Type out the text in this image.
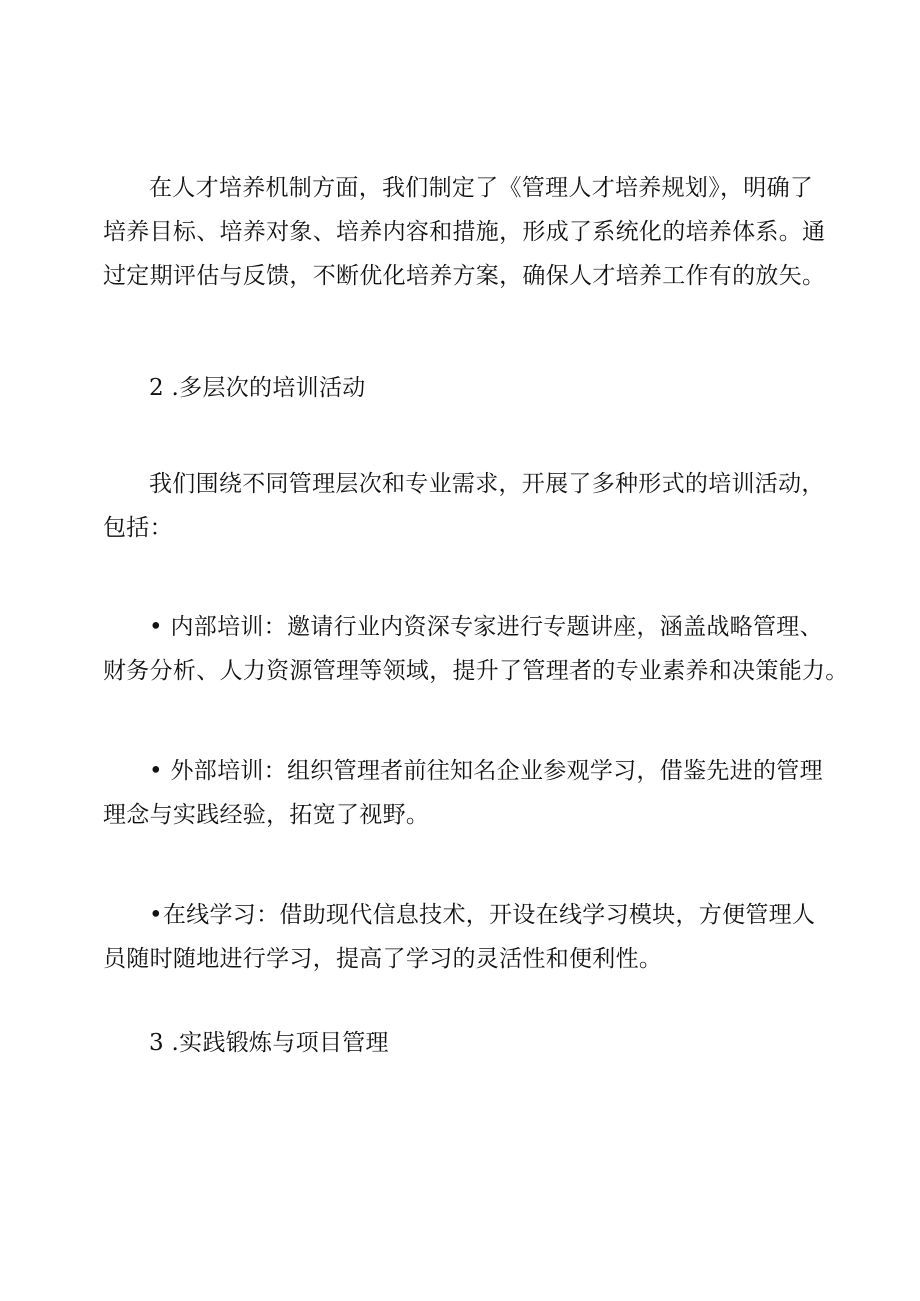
在人才培养机制方面，我们制定了《管理人才培养规划》，明确了
培养目标、培养对象、培养内容和措施，形成了系统化的培养体系。通
过定期评估与反馈，不断优化培养方案，确保人才培养工作有的放矢。

2 .多层次的培训活动

我们围绕不同管理层次和专业需求，开展了多种形式的培训活动，
包括：

• 内部培训：邀请行业内资深专家进行专题讲座，涵盖战略管理、
财务分析、人力资源管理等领域，提升了管理者的专业素养和决策能力。

• 外部培训：组织管理者前往知名企业参观学习，借鉴先进的管理
理念与实践经验，拓宽了视野。

•在线学习：借助现代信息技术，开设在线学习模块，方便管理人
员随时随地进行学习，提高了学习的灵活性和便利性。

3 .实践锻炼与项目管理
